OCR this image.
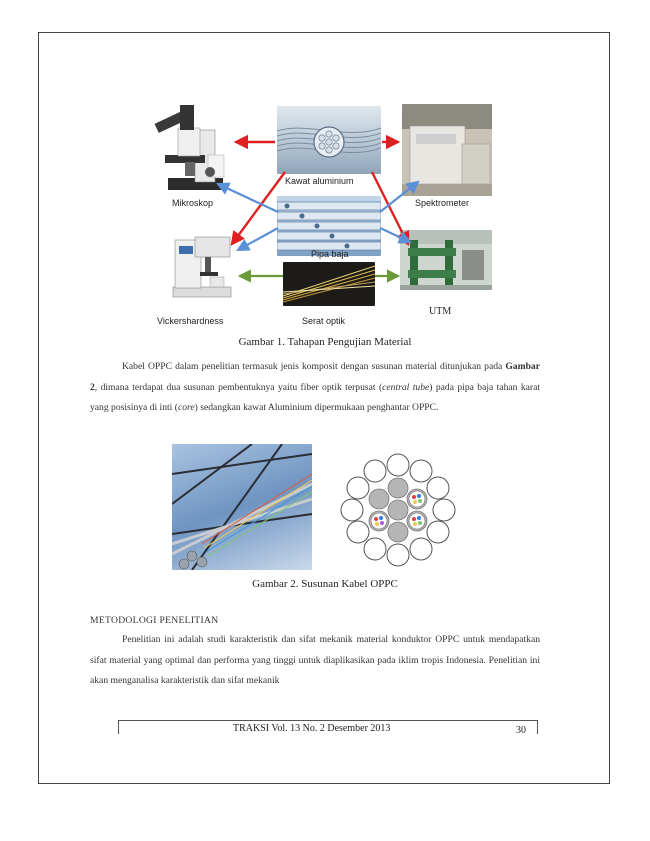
Mikroskop
Kawat aluminium
Spektrometer
Pipa baja
Vickershardness	Serat optik
UTM
Gambar 1. Tahapan Pengujian Material

Kabel OPPC dalam penelitian termasuk jenis komposit dengan susunan material ditunjukan pada Gambar 2, dimana terdapat dua susunan pembentuknya yaitu fiber optik terpusat (central tube) pada pipa baja tahan karat yang posisinya di inti (core) sedangkan kawat Aluminium dipermukaan penghantar OPPC.

Gambar 2. Susunan Kabel OPPC
METODOLOGI PENELITIAN

Penelitian ini adalah studi karakteristik dan sifat mekanik material konduktor OPPC untuk mendapatkan sifat material yang optimal dan performa yang tinggi untuk diaplikasikan pada iklim tropis Indonesia. Penelitian ini akan menganalisa karakteristik dan sifat mekanik

TRAKSI Vol. 13 No. 2 Desember 2013	30
